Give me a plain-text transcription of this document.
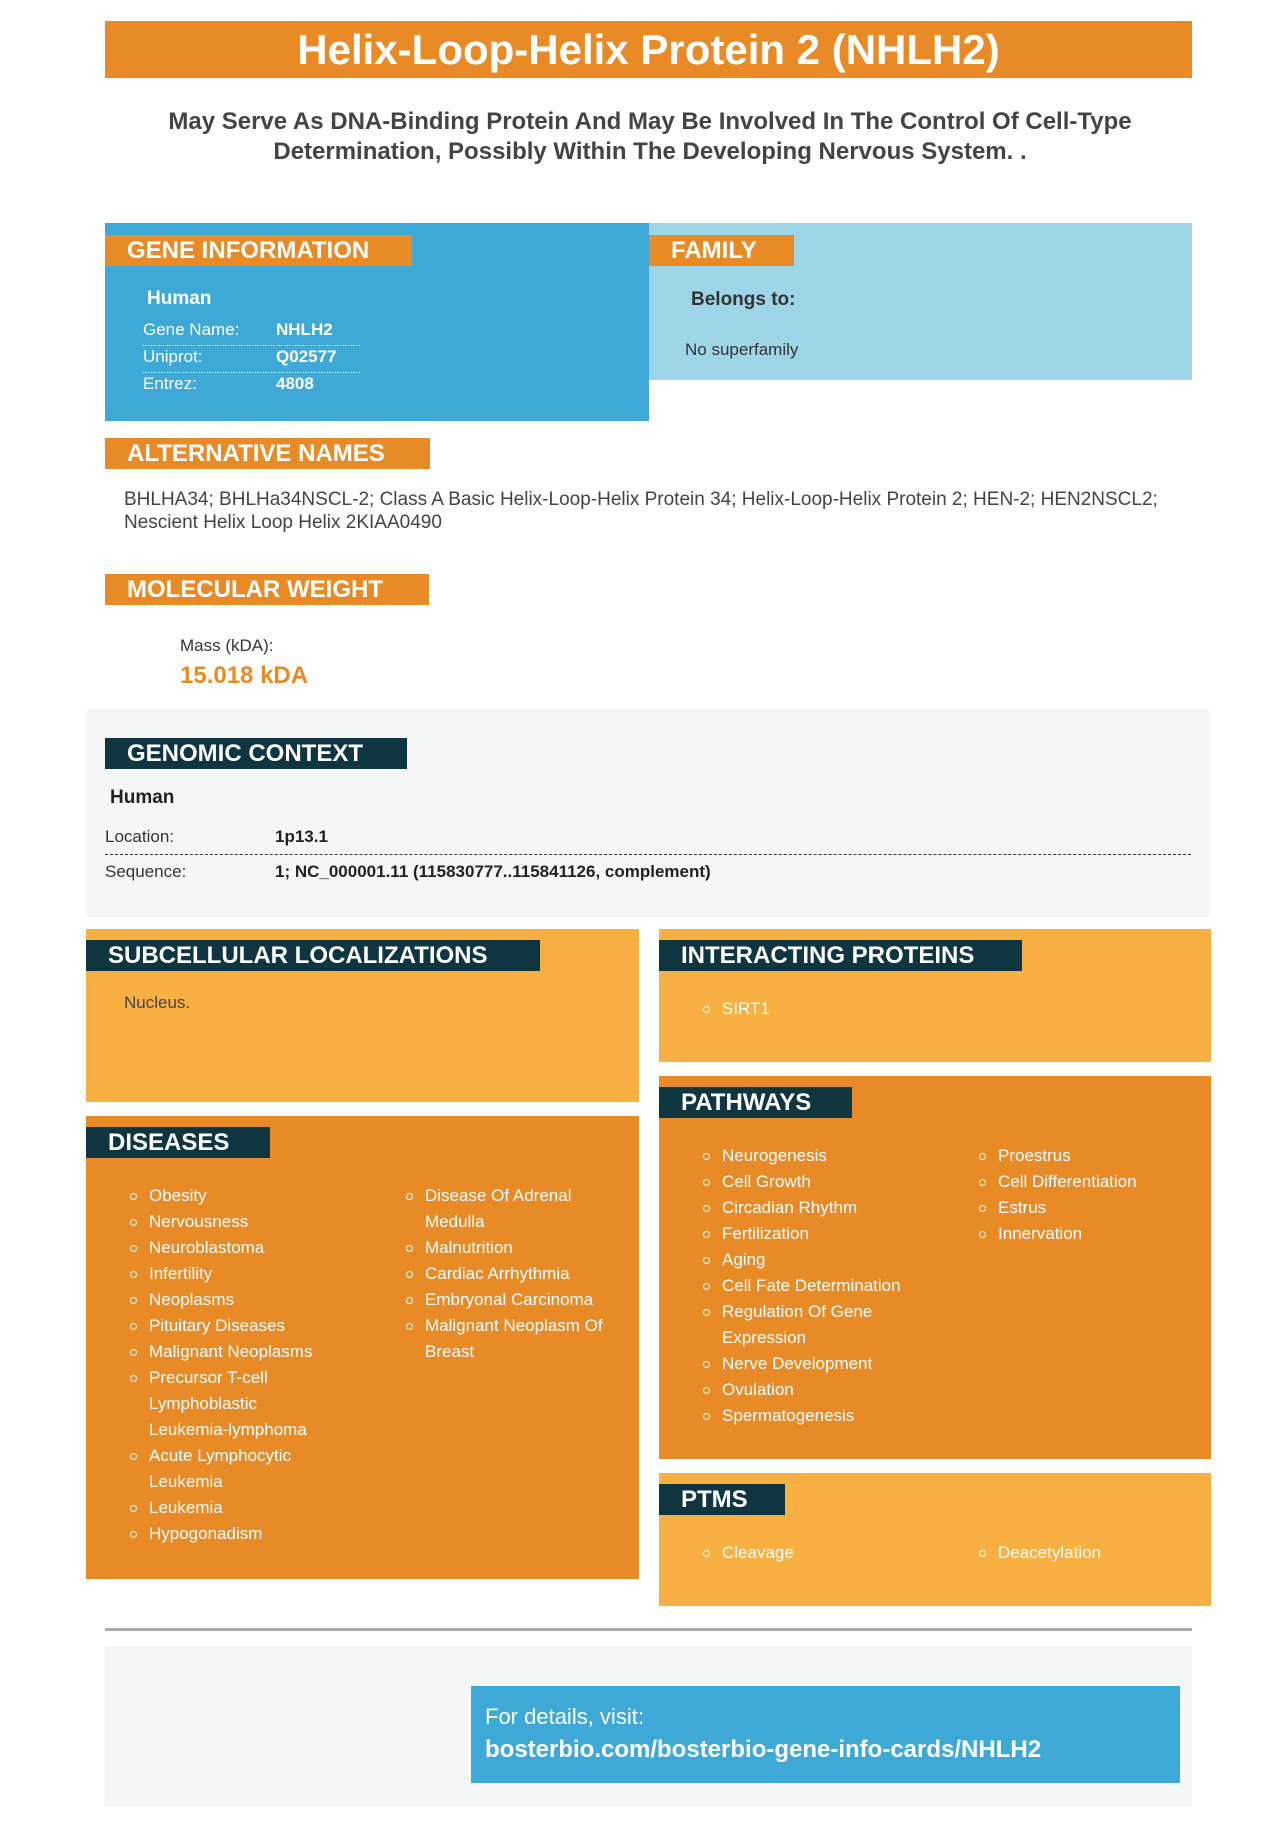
Helix-Loop-Helix Protein 2 (NHLH2)
May Serve As DNA-Binding Protein And May Be Involved In The Control Of Cell-Type Determination, Possibly Within The Developing Nervous System. .
GENE INFORMATION
Human
Gene Name: NHLH2
Uniprot:	Q02577
Entrez:	4808
FAMILY
Belongs to:
No superfamily
ALTERNATIVE NAMES
BHLHA34; BHLHa34NSCL-2; Class A Basic Helix-Loop-Helix Protein 34; Helix-Loop-Helix Protein 2; HEN-2; HEN2NSCL2; Nescient Helix Loop Helix 2KIAA0490
MOLECULAR WEIGHT
Mass (kDA):
15.018 kDA
GENOMIC CONTEXT
Human
Location:	1p13.1
Sequence:	1; NC_000001.11 (115830777..115841126, complement)
SUBCELLULAR LOCALIZATIONS
Nucleus.
INTERACTING PROTEINS
SIRT1
DISEASES
Obesity
Nervousness
Neuroblastoma
Infertility
Neoplasms
Pituitary Diseases
Malignant Neoplasms
Precursor T-cell Lymphoblastic Leukemia-lymphoma
Acute Lymphocytic Leukemia
Leukemia
Hypogonadism
Disease Of Adrenal Medulla
Malnutrition
Cardiac Arrhythmia
Embryonal Carcinoma
Malignant Neoplasm Of Breast
PATHWAYS
Neurogenesis
Cell Growth
Circadian Rhythm
Fertilization
Aging
Cell Fate Determination
Regulation Of Gene Expression
Nerve Development
Ovulation
Spermatogenesis
Proestrus
Cell Differentiation
Estrus
Innervation
PTMS
Cleavage	Deacetylation
For details, visit:
bosterbio.com/bosterbio-gene-info-cards/NHLH2
